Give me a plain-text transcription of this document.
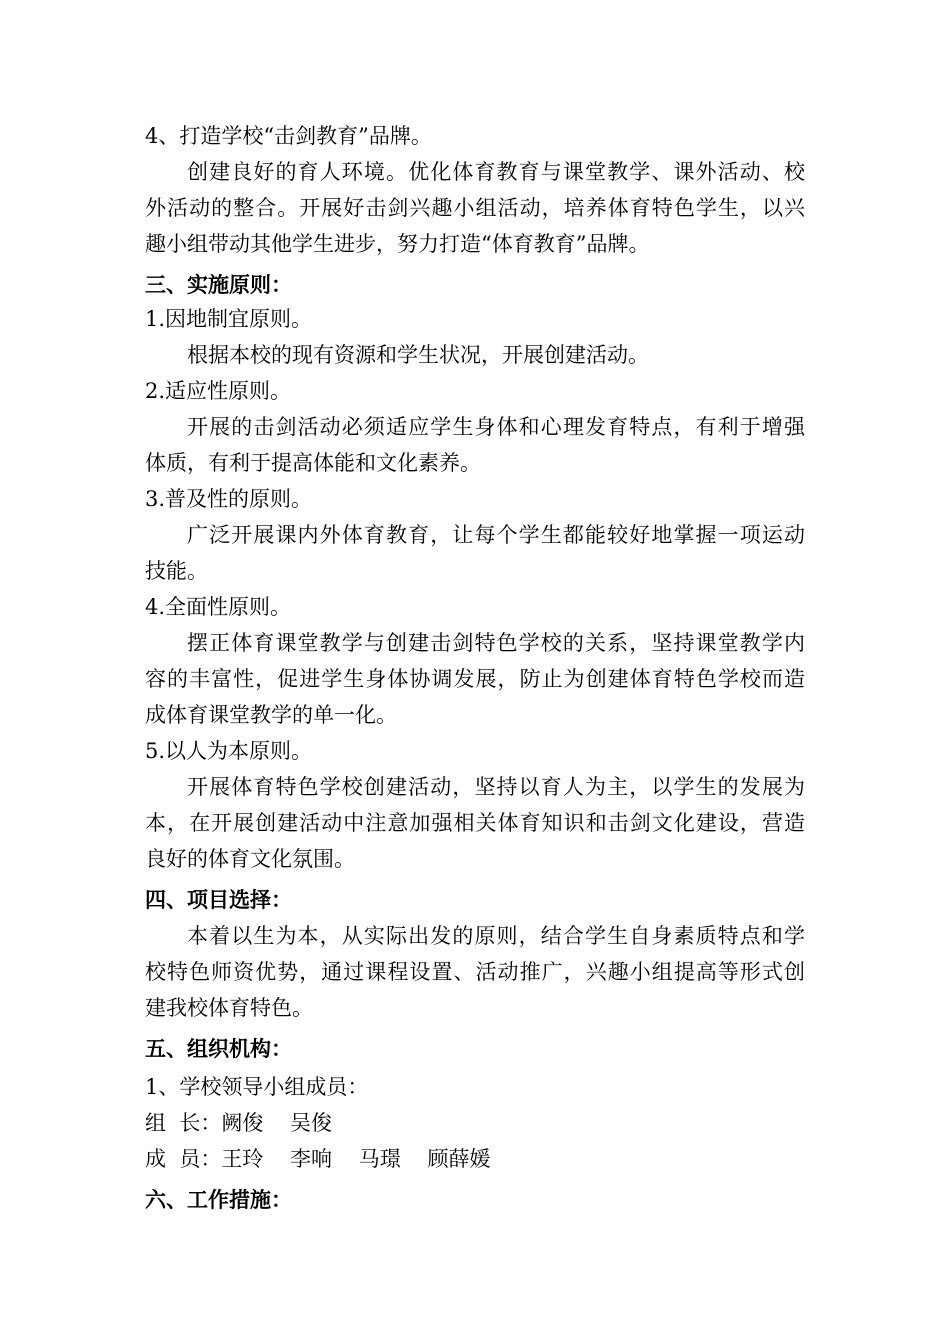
4、打造学校“击剑教育”品牌。
创建良好的育人环境。优化体育教育与课堂教学、课外活动、校
外活动的整合。开展好击剑兴趣小组活动，培养体育特色学生，以兴
趣小组带动其他学生进步，努力打造“体育教育”品牌。
三、实施原则：
1.因地制宜原则。
根据本校的现有资源和学生状况，开展创建活动。
2.适应性原则。
开展的击剑活动必须适应学生身体和心理发育特点，有利于增强
体质，有利于提高体能和文化素养。
3.普及性的原则。
广泛开展课内外体育教育，让每个学生都能较好地掌握一项运动
技能。
4.全面性原则。
摆正体育课堂教学与创建击剑特色学校的关系，坚持课堂教学内
容的丰富性，促进学生身体协调发展，防止为创建体育特色学校而造
成体育课堂教学的单一化。
5.以人为本原则。
开展体育特色学校创建活动，坚持以育人为主，以学生的发展为
本，在开展创建活动中注意加强相关体育知识和击剑文化建设，营造
良好的体育文化氛围。
四、项目选择：
本着以生为本，从实际出发的原则，结合学生自身素质特点和学
校特色师资优势，通过课程设置、活动推广，兴趣小组提高等形式创
建我校体育特色。
五、组织机构：
1、学校领导小组成员：
组  长：阙俊    吴俊
成  员：王玲    李响    马璟    顾薛媛
六、工作措施：
